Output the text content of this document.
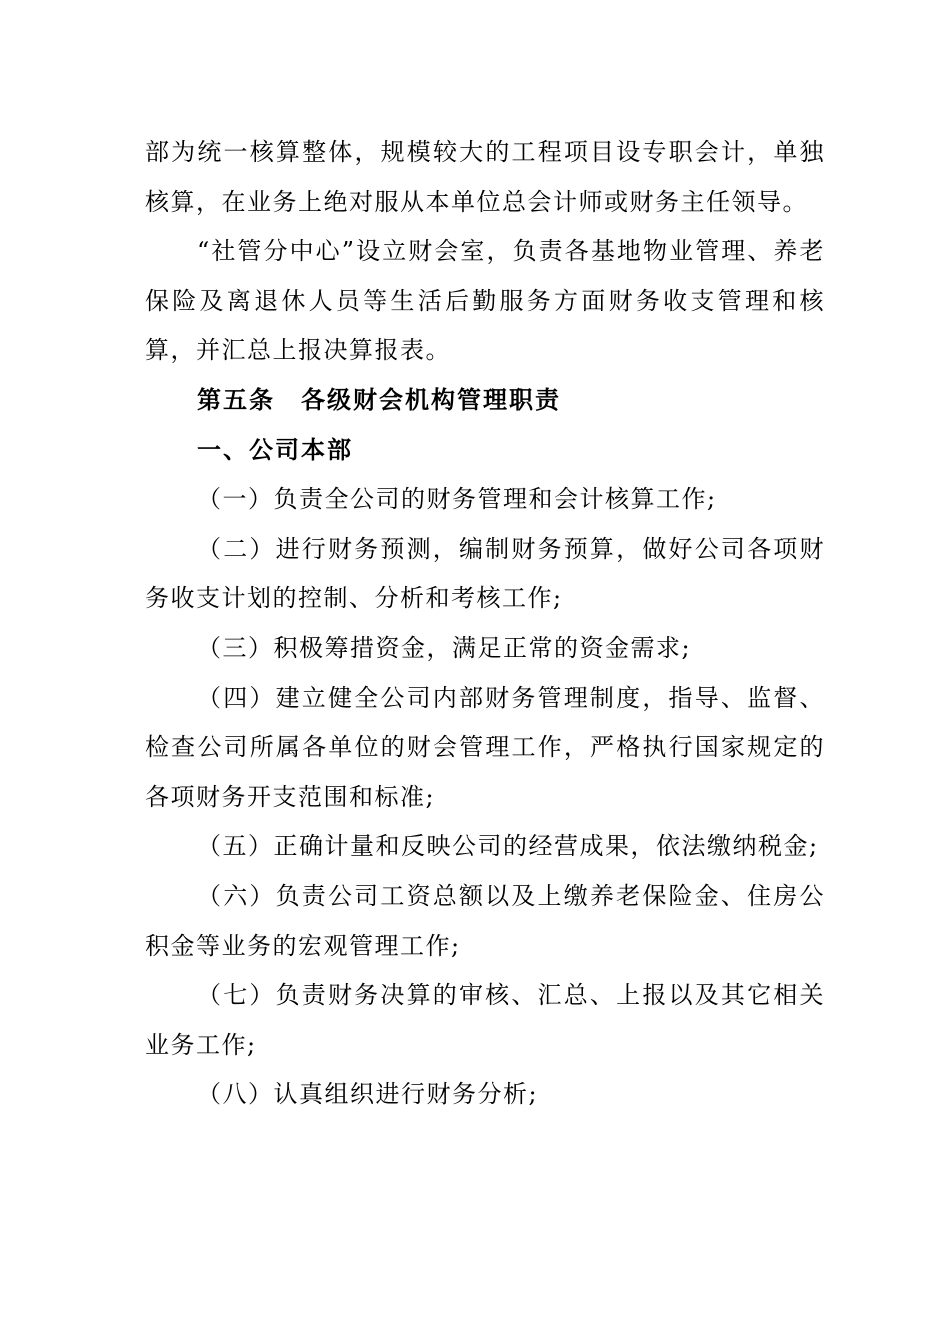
部为统一核算整体，规模较大的工程项目设专职会计，单独核算，在业务上绝对服从本单位总会计师或财务主任领导。

“社管分中心”设立财会室，负责各基地物业管理、养老保险及离退休人员等生活后勤服务方面财务收支管理和核算，并汇总上报决算报表。

第五条 各级财会机构管理职责

一、公司本部

（一）负责全公司的财务管理和会计核算工作;

（二）进行财务预测，编制财务预算，做好公司各项财务收支计划的控制、分析和考核工作;

（三）积极筹措资金，满足正常的资金需求;

（四）建立健全公司内部财务管理制度，指导、监督、检查公司所属各单位的财会管理工作，严格执行国家规定的各项财务开支范围和标准;

（五）正确计量和反映公司的经营成果，依法缴纳税金;

（六）负责公司工资总额以及上缴养老保险金、住房公积金等业务的宏观管理工作;

（七）负责财务决算的审核、汇总、上报以及其它相关业务工作;

（八）认真组织进行财务分析;
